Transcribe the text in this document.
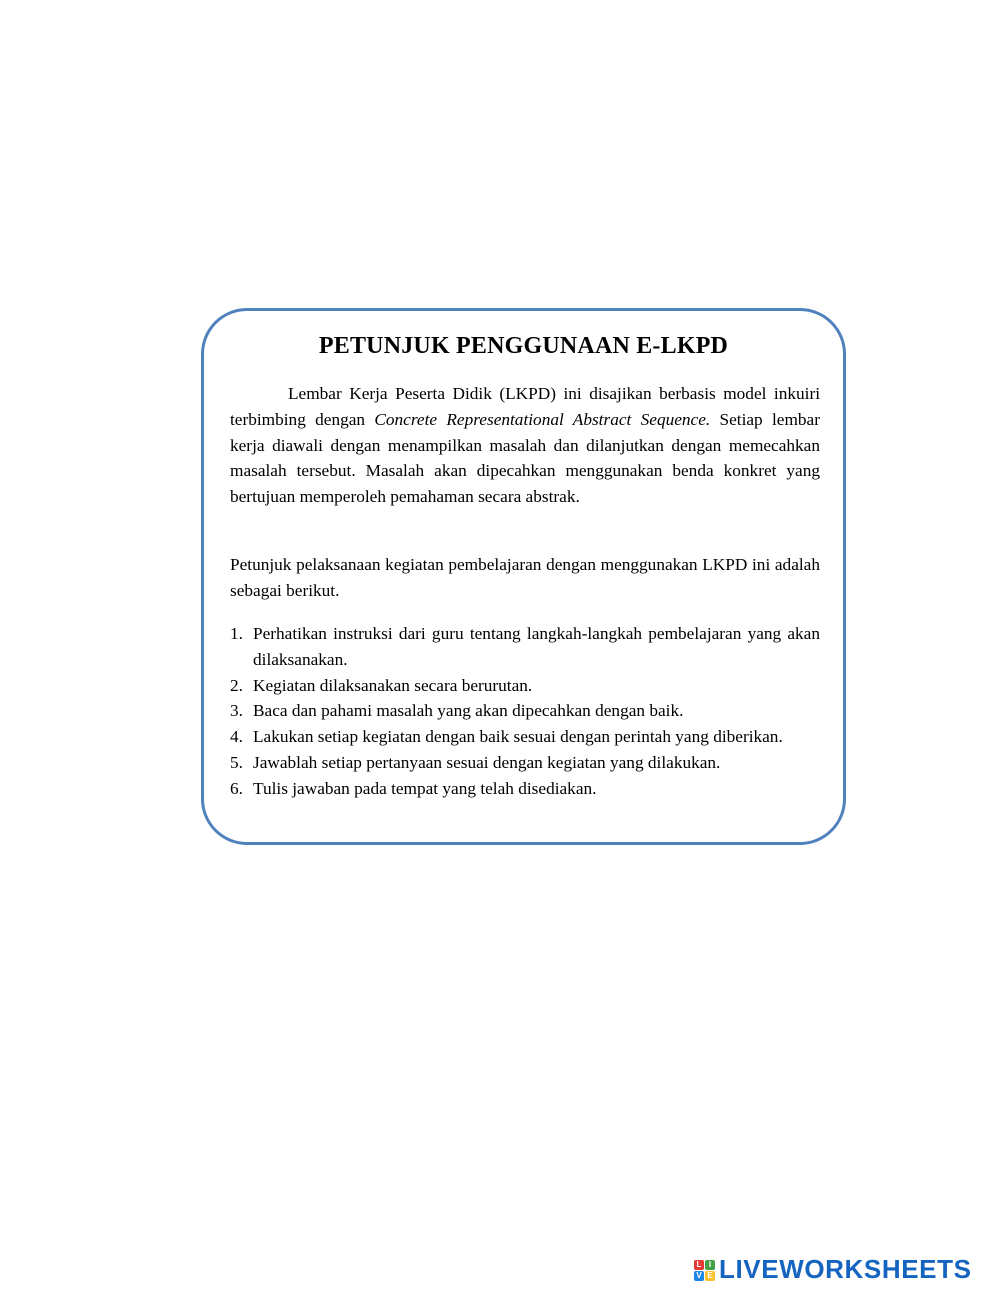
PETUNJUK PENGGUNAAN E-LKPD

Lembar Kerja Peserta Didik (LKPD) ini disajikan berbasis model inkuiri terbimbing dengan Concrete Representational Abstract Sequence. Setiap lembar kerja diawali dengan menampilkan masalah dan dilanjutkan dengan memecahkan masalah tersebut. Masalah akan dipecahkan menggunakan benda konkret yang bertujuan memperoleh pemahaman secara abstrak.

Petunjuk pelaksanaan kegiatan pembelajaran dengan menggunakan LKPD ini adalah sebagai berikut.

1. Perhatikan instruksi dari guru tentang langkah-langkah pembelajaran yang akan dilaksanakan.
2. Kegiatan dilaksanakan secara berurutan.
3. Baca dan pahami masalah yang akan dipecahkan dengan baik.
4. Lakukan setiap kegiatan dengan baik sesuai dengan perintah yang diberikan.
5. Jawablah setiap pertanyaan sesuai dengan kegiatan yang dilakukan.
6. Tulis jawaban pada tempat yang telah disediakan.
L I
V E LIVEWORKSHEETS
